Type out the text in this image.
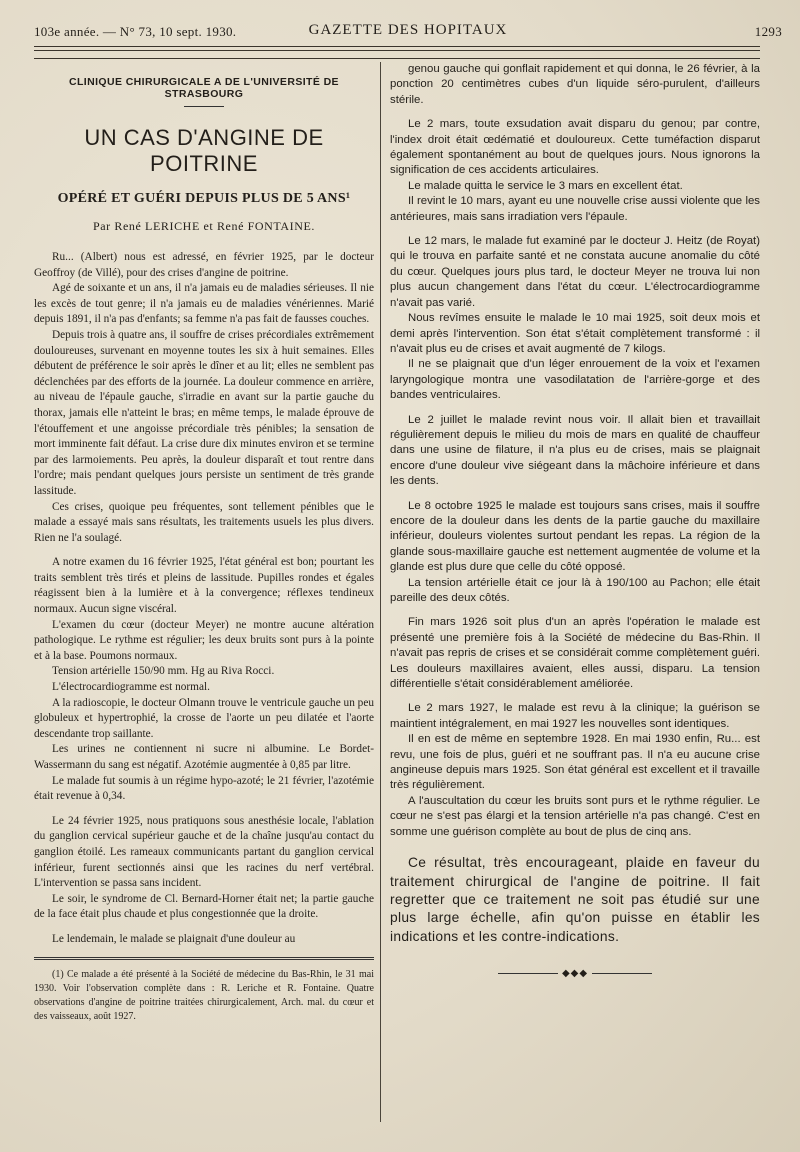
103e année. — N° 73, 10 sept. 1930.	GAZETTE DES HOPITAUX	1293
CLINIQUE CHIRURGICALE A DE L'UNIVERSITÉ DE STRASBOURG
UN CAS D'ANGINE DE POITRINE
OPÉRÉ ET GUÉRI DEPUIS PLUS DE 5 ANS¹
Par René LERICHE et René FONTAINE.

Ru... (Albert) nous est adressé, en février 1925, par le docteur Geoffroy (de Villé), pour des crises d'angine de poitrine.

Agé de soixante et un ans, il n'a jamais eu de maladies sérieuses. Il nie les excès de tout genre; il n'a jamais eu de maladies vénériennes. Marié depuis 1891, il n'a pas d'enfants; sa femme n'a pas fait de fausses couches.

Depuis trois à quatre ans, il souffre de crises précordiales extrêmement douloureuses, survenant en moyenne toutes les six à huit semaines. Elles débutent de préférence le soir après le dîner et au lit; elles ne semblent pas déclenchées par des efforts de la journée. La douleur commence en arrière, au niveau de l'épaule gauche, s'irradie en avant sur la partie gauche du thorax, jamais elle n'atteint le bras; en même temps, le malade éprouve de l'étouffement et une angoisse précordiale très pénibles; la sensation de mort imminente fait défaut. La crise dure dix minutes environ et se termine par des larmoiements. Peu après, la douleur disparaît et tout rentre dans l'ordre; mais pendant quelques jours persiste un sentiment de très grande lassitude.

Ces crises, quoique peu fréquentes, sont tellement pénibles que le malade a essayé mais sans résultats, les traitements usuels les plus divers. Rien ne l'a soulagé.

A notre examen du 16 février 1925, l'état général est bon; pourtant les traits semblent très tirés et pleins de lassitude. Pupilles rondes et égales réagissent bien à la lumière et à la convergence; réflexes tendineux normaux. Aucun signe viscéral.

L'examen du cœur (docteur Meyer) ne montre aucune altération pathologique. Le rythme est régulier; les deux bruits sont purs à la pointe et à la base. Poumons normaux.

Tension artérielle 150/90 mm. Hg au Riva Rocci.

L'électrocardiogramme est normal.

A la radioscopie, le docteur Olmann trouve le ventricule gauche un peu globuleux et hypertrophié, la crosse de l'aorte un peu dilatée et l'aorte descendante trop saillante.

Les urines ne contiennent ni sucre ni albumine. Le Bordet-Wassermann du sang est négatif. Azotémie augmentée à 0,85 par litre.

Le malade fut soumis à un régime hypo-azoté; le 21 février, l'azotémie était revenue à 0,34.

Le 24 février 1925, nous pratiquons sous anesthésie locale, l'ablation du ganglion cervical supérieur gauche et de la chaîne jusqu'au contact du ganglion étoilé. Les rameaux communicants partant du ganglion cervical inférieur, furent sectionnés ainsi que les racines du nerf vertébral. L'intervention se passa sans incident.

Le soir, le syndrome de Cl. Bernard-Horner était net; la partie gauche de la face était plus chaude et plus congestionnée que la droite.

Le lendemain, le malade se plaignait d'une douleur au

(1) Ce malade a été présenté à la Société de médecine du Bas-Rhin, le 31 mai 1930. Voir l'observation complète dans : R. Leriche et R. Fontaine. Quatre observations d'angine de poitrine traitées chirurgicalement, Arch. mal. du cœur et des vaisseaux, août 1927.

genou gauche qui gonflait rapidement et qui donna, le 26 février, à la ponction 20 centimètres cubes d'un liquide séro-purulent, d'ailleurs stérile.

Le 2 mars, toute exsudation avait disparu du genou; par contre, l'index droit était œdématié et douloureux. Cette tuméfaction disparut également spontanément au bout de quelques jours. Nous ignorons la signification de ces accidents articulaires.

Le malade quitta le service le 3 mars en excellent état.

Il revint le 10 mars, ayant eu une nouvelle crise aussi violente que les antérieures, mais sans irradiation vers l'épaule.

Le 12 mars, le malade fut examiné par le docteur J. Heitz (de Royat) qui le trouva en parfaite santé et ne constata aucune anomalie du côté du cœur. Quelques jours plus tard, le docteur Meyer ne trouva lui non plus aucun changement dans l'état du cœur. L'électrocardiogramme n'avait pas varié.

Nous revîmes ensuite le malade le 10 mai 1925, soit deux mois et demi après l'intervention. Son état s'était complètement transformé : il n'avait plus eu de crises et avait augmenté de 7 kilogs.

Il ne se plaignait que d'un léger enrouement de la voix et l'examen laryngologique montra une vasodilatation de l'arrière-gorge et des bandes ventriculaires.

Le 2 juillet le malade revint nous voir. Il allait bien et travaillait régulièrement depuis le milieu du mois de mars en qualité de chauffeur dans une usine de filature, il n'a plus eu de crises, mais se plaignait encore d'une douleur vive siégeant dans la mâchoire inférieure et dans les dents.

Le 8 octobre 1925 le malade est toujours sans crises, mais il souffre encore de la douleur dans les dents de la partie gauche du maxillaire inférieur, douleurs violentes surtout pendant les repas. La région de la glande sous-maxillaire gauche est nettement augmentée de volume et la glande est plus dure que celle du côté opposé.

La tension artérielle était ce jour là à 190/100 au Pachon; elle était pareille des deux côtés.

Fin mars 1926 soit plus d'un an après l'opération le malade est présenté une première fois à la Société de médecine du Bas-Rhin. Il n'avait pas repris de crises et se considérait comme complètement guéri. Les douleurs maxillaires avaient, elles aussi, disparu. La tension différentielle s'était considérablement améliorée.

Le 2 mars 1927, le malade est revu à la clinique; la guérison se maintient intégralement, en mai 1927 les nouvelles sont identiques.

Il en est de même en septembre 1928. En mai 1930 enfin, Ru... est revu, une fois de plus, guéri et ne souffrant pas. Il n'a eu aucune crise angineuse depuis mars 1925. Son état général est excellent et il travaille très régulièrement.

A l'auscultation du cœur les bruits sont purs et le rythme régulier. Le cœur ne s'est pas élargi et la tension artérielle n'a pas changé. C'est en somme une guérison complète au bout de plus de cinq ans.

Ce résultat, très encourageant, plaide en faveur du traitement chirurgical de l'angine de poitrine. Il fait regretter que ce traitement ne soit pas étudié sur une plus large échelle, afin qu'on puisse en établir les indications et les contre-indications.

◆◆◆
